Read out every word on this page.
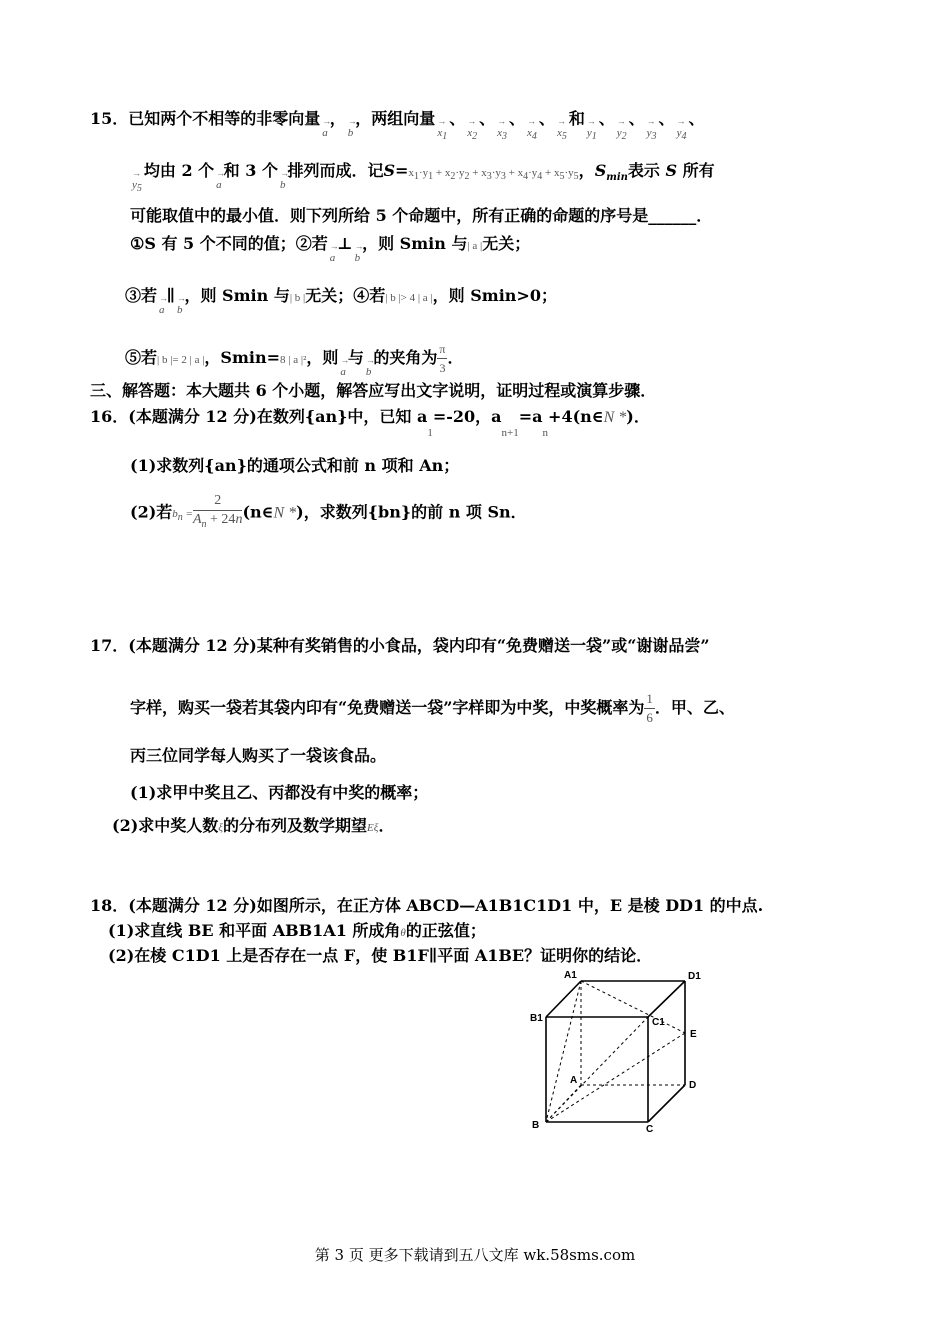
15．已知两个不相等的非零向量→ a，→ b，两组向量→ $x_1$、→ $x_2$、→ $x_3$、→ $x_4$、→ $x_5$和→ $y_1$、→ $y_2$、→ $y_3$、→ $y_4$、
→ $y_5$均由 2 个→ a和 3 个→ b排列而成．记$S=x_1\cdot y_1 + x_2\cdot y_2 + x_3\cdot y_3 + x_4\cdot y_4 + x_5\cdot y_5$，$S_{min}$表示 S 所有
可能取值中的最小值．则下列所给 5 个命题中，所有正确的命题的序号是______．
①S 有 5 个不同的值；②若→ a⊥→ b，则 Smin 与| a |无关；
③若→ a∥→ b，则 Smin 与| b |无关；④若| b |> 4 | a |，则 Smin>0；
⑤若| b |= 2 | a |，Smin=8 | a |²，则→ a与→ b的夹角为 $\frac{\pi}{3}$ ．
三、解答题：本大题共 6 个小题，解答应写出文字说明，证明过程或演算步骤．
16．(本题满分 12 分)在数列{an}中，已知 $a_1=-20$，$a_{n+1}=a_n+4(n\in N$ *)．
(1)求数列{an}的通项公式和前 n 项和 An；
(2)若$b_n = \frac{2}{A_n + 24n}$ (n∈N *)，求数列{bn}的前 n 项 Sn．
17．(本题满分 12 分)某种有奖销售的小食品，袋内印有“免费赠送一袋”或“谢谢品尝”
字样，购买一袋若其袋内印有“免费赠送一袋”字样即为中奖，中奖概率为 $\frac{1}{6}$ ．甲、乙、
丙三位同学每人购买了一袋该食品。
(1)求甲中奖且乙、丙都没有中奖的概率；
(2)求中奖人数ξ的分布列及数学期望Eξ．
18．(本题满分 12 分)如图所示，在正方体 ABCD—A1B1C1D1 中，E 是棱 DD1 的中点.
(1)求直线 BE 和平面 ABB1A1 所成角θ的正弦值；
(2)在棱 C1D1 上是否存在一点 F，使 B1F∥平面 A1BE？证明你的结论．
A1	D1
B1	C1
E
A	D
B	C
第 3 页 更多下载请到五八文库 wk.58sms.com
